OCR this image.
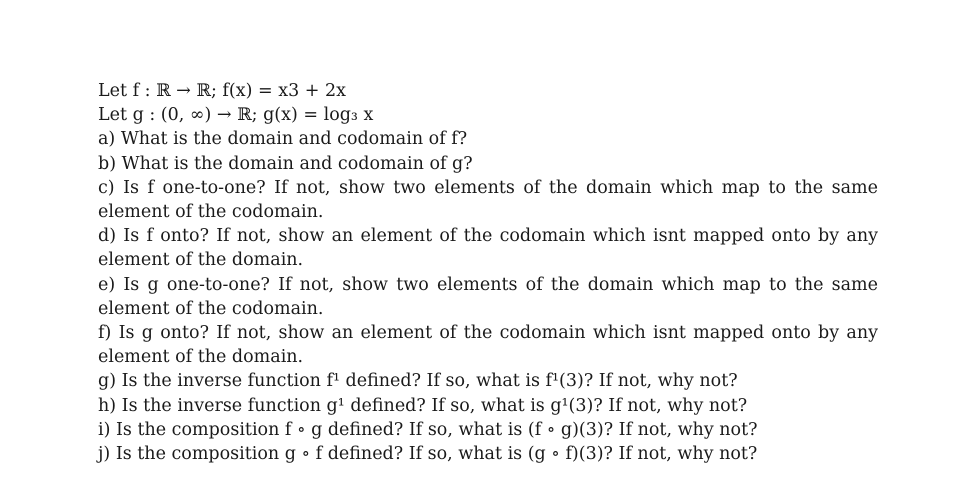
Let f : ℝ → ℝ; f(x) = x3 + 2x
Let g : (0, ∞) → ℝ; g(x) = log₃ x
a) What is the domain and codomain of f?
b) What is the domain and codomain of g?
c) Is f one-to-one? If not, show two elements of the domain which map to the same element of the codomain.
d) Is f onto? If not, show an element of the codomain which isnt mapped onto by any element of the domain.
e) Is g one-to-one? If not, show two elements of the domain which map to the same element of the codomain.
f) Is g onto? If not, show an element of the codomain which isnt mapped onto by any element of the domain.
g) Is the inverse function f¹ defined? If so, what is f¹(3)? If not, why not?
h) Is the inverse function g¹ defined? If so, what is g¹(3)? If not, why not?
i) Is the composition f ∘ g defined? If so, what is (f ∘ g)(3)? If not, why not?
j) Is the composition g ∘ f defined? If so, what is (g ∘ f)(3)? If not, why not?
